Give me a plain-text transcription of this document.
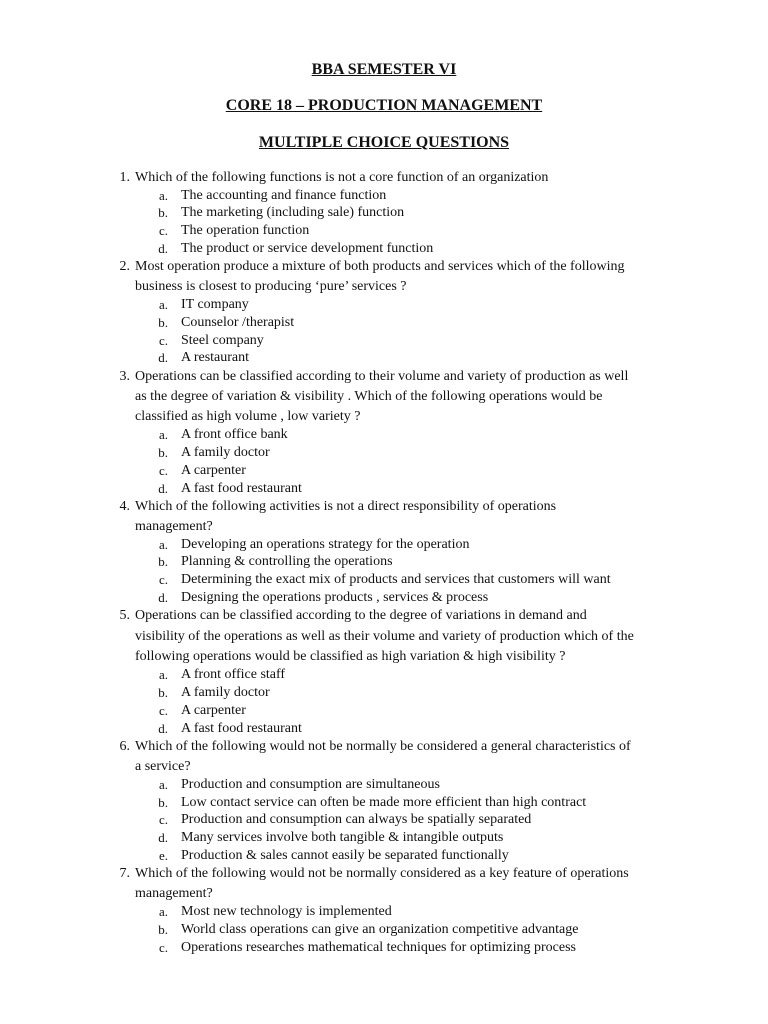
BBA SEMESTER VI
CORE 18 – PRODUCTION MANAGEMENT
MULTIPLE CHOICE QUESTIONS
1. Which of the following functions is not a core function of an organization
a. The accounting and finance function
b. The marketing (including sale) function
c. The operation function
d. The product or service development function
2. Most operation produce a mixture of both products and services which of the following
business is closest to producing ‘pure’ services ?
a. IT company
b. Counselor /therapist
c. Steel company
d. A restaurant
3. Operations can be classified according to their volume and variety of production as well
as the degree of variation & visibility . Which of the following operations would be
classified as high volume , low variety ?
a. A front office bank
b. A family doctor
c. A carpenter
d. A fast food restaurant
4. Which of the following activities is not a direct responsibility of operations
management?
a. Developing an operations strategy for the operation
b. Planning & controlling the operations
c. Determining the exact mix of products and services that customers will want
d. Designing the operations products , services & process
5. Operations can be classified according to the degree of variations in demand and
visibility of the operations as well as their volume and variety of production which of the
following operations would be classified as high variation & high visibility ?
a. A front office staff
b. A family doctor
c. A carpenter
d. A fast food restaurant
6. Which of the following would not be normally be considered a general characteristics of
a service?
a. Production and consumption are simultaneous
b. Low contact service can often be made more efficient than high contract
c. Production and consumption can always be spatially separated
d. Many services involve both tangible & intangible outputs
e. Production & sales cannot easily be separated functionally
7. Which of the following would not be normally considered as a key feature of operations
management?
a. Most new technology is implemented
b. World class operations can give an organization competitive advantage
c. Operations researches mathematical techniques for optimizing process
